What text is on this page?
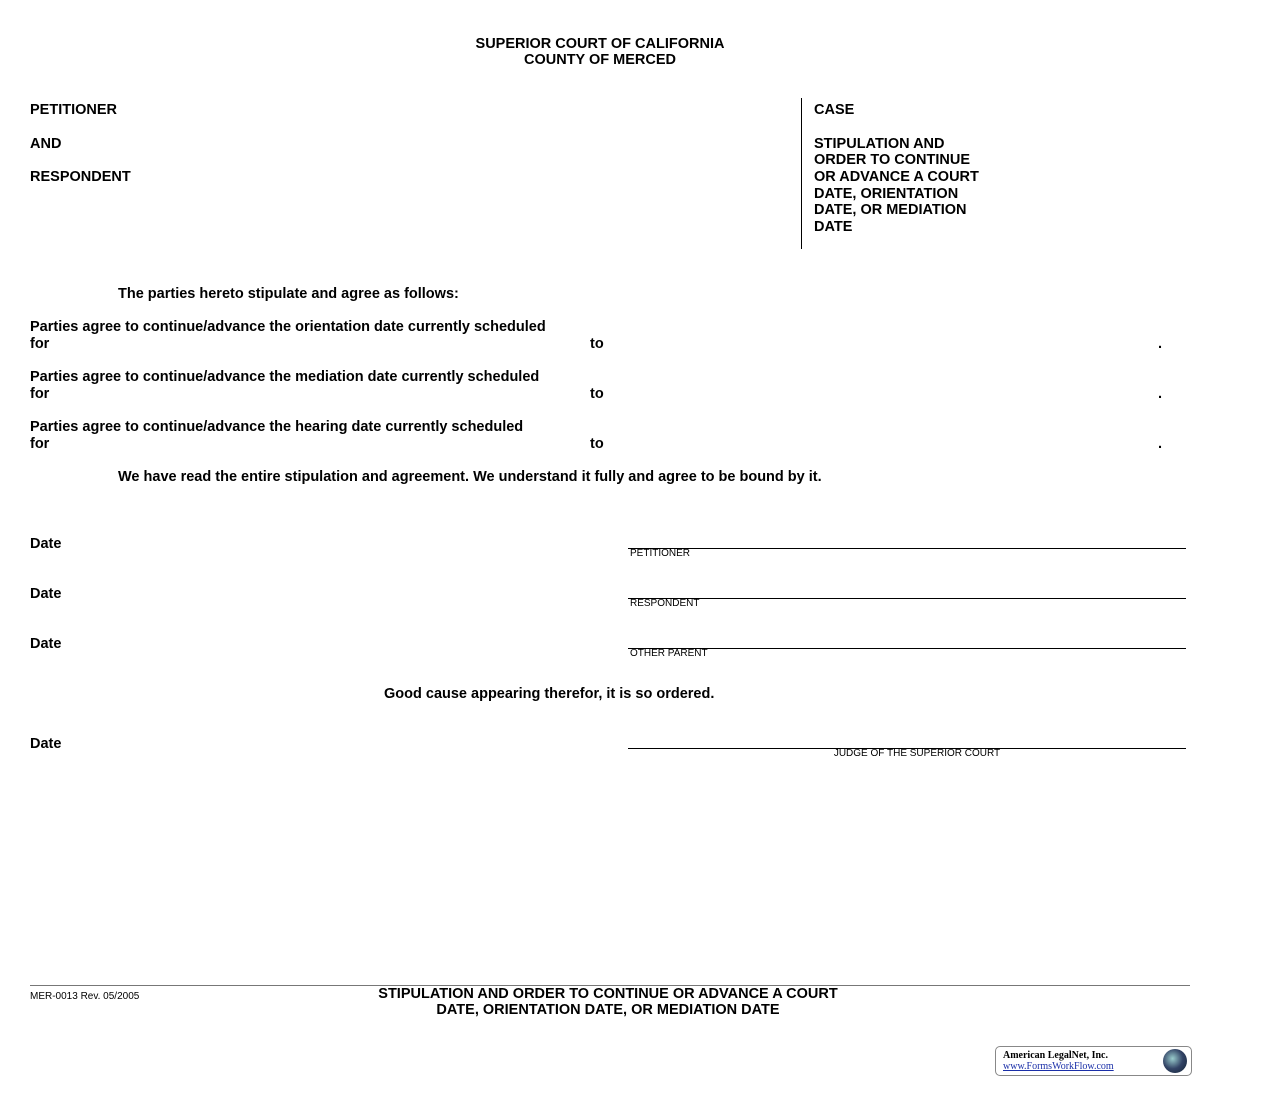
SUPERIOR COURT OF CALIFORNIA
COUNTY OF MERCED
PETITIONER
AND
RESPONDENT
CASE
STIPULATION AND
ORDER TO CONTINUE
OR ADVANCE A COURT
DATE, ORIENTATION
DATE, OR MEDIATION
DATE
The parties hereto stipulate and agree as follows:
Parties agree to continue/advance the orientation date currently scheduled
for	to	.
Parties agree to continue/advance the mediation date currently scheduled
for	to	.
Parties agree to continue/advance the hearing date currently scheduled
for	to	.
We have read the entire stipulation and agreement. We understand it fully and agree to be bound by it.
Date
PETITIONER
Date
RESPONDENT
Date
OTHER PARENT
Good cause appearing therefor, it is so ordered.
Date
JUDGE OF THE SUPERIOR COURT
MER-0013 Rev. 05/2005	STIPULATION AND ORDER TO CONTINUE OR ADVANCE A COURT
DATE, ORIENTATION DATE, OR MEDIATION DATE
American LegalNet, Inc.
www.FormsWorkFlow.com
